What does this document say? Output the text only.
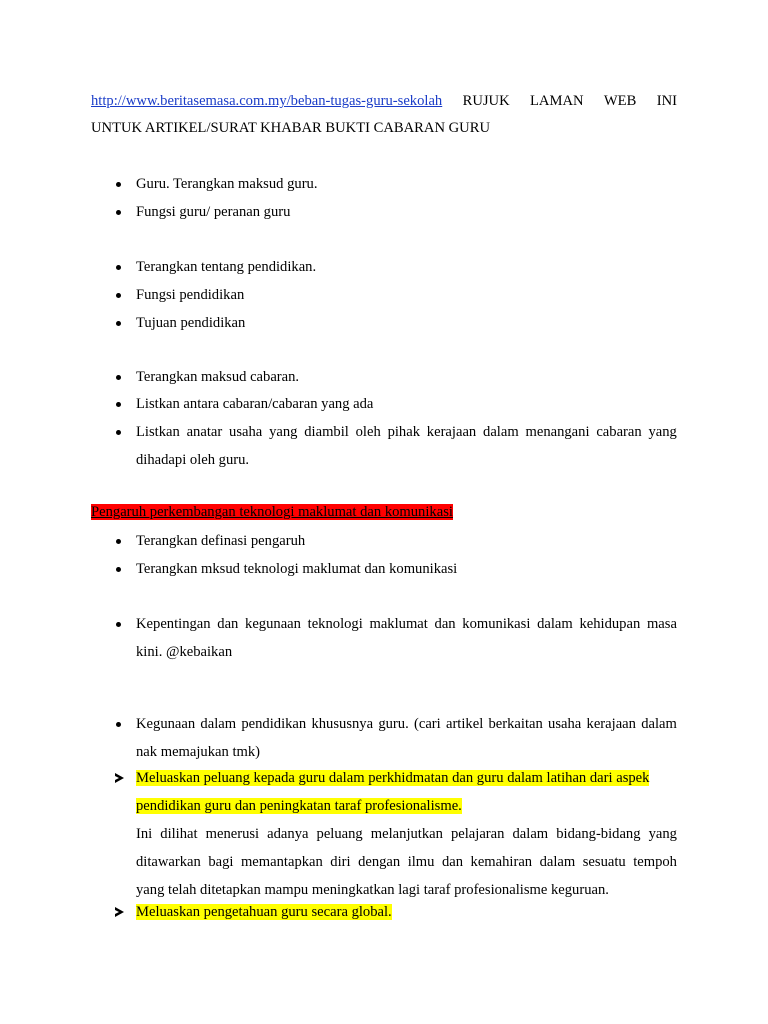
http://www.beritasemasa.com.my/beban-tugas-guru-sekolah RUJUK LAMAN WEB INI
UNTUK ARTIKEL/SURAT KHABAR BUKTI CABARAN GURU
Guru. Terangkan maksud guru.
Fungsi guru/ peranan guru
Terangkan tentang pendidikan.
Fungsi pendidikan
Tujuan pendidikan
Terangkan maksud cabaran.
Listkan antara cabaran/cabaran yang ada
Listkan anatar usaha yang diambil oleh pihak kerajaan dalam menangani cabaran yang
dihadapi oleh guru.
Pengaruh perkembangan teknologi maklumat dan komunikasi
Terangkan definasi pengaruh
Terangkan mksud teknologi maklumat dan komunikasi
Kepentingan dan kegunaan teknologi maklumat dan komunikasi dalam kehidupan masa
kini. @kebaikan
Kegunaan dalam pendidikan khususnya guru. (cari artikel berkaitan usaha kerajaan dalam
nak memajukan tmk)
Meluaskan peluang kepada guru dalam perkhidmatan dan guru dalam latihan dari aspek
pendidikan guru dan peningkatan taraf profesionalisme.
Ini dilihat menerusi adanya peluang melanjutkan pelajaran dalam bidang-bidang yang
ditawarkan bagi memantapkan diri dengan ilmu dan kemahiran dalam sesuatu tempoh
yang telah ditetapkan mampu meningkatkan lagi taraf profesionalisme keguruan.
Meluaskan pengetahuan guru secara global.
